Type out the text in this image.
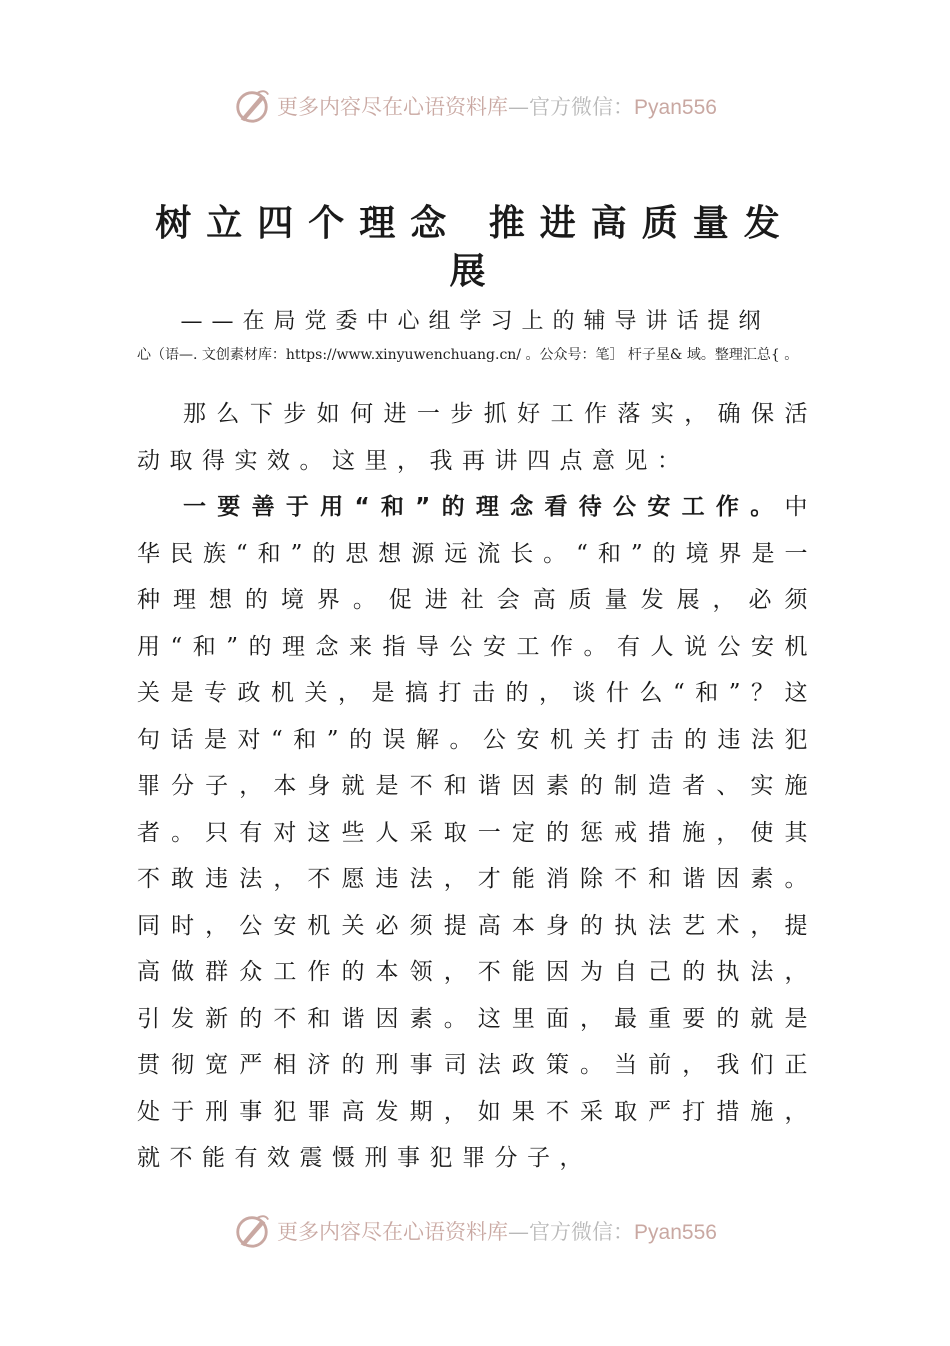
更多内容尽在心语资料库—官方微信：Pyan556
树立四个理念 推进高质量发展
——在局党委中心组学习上的辅导讲话提纲
心（语—. 文创素材库：https://www.xinyuwenchuang.cn/ 。公众号：笔］ 杆子星& 域。整理汇总{ 。

那么下步如何进一步抓好工作落实，确保活动取得实效。这里，我再讲四点意见：

一要善于用“和”的理念看待公安工作。中华民族“和”的思想源远流长。“和”的境界是一种理想的境界。促进社会高质量发展，必须用“和”的理念来指导公安工作。有人说公安机关是专政机关，是搞打击的，谈什么“和”？这句话是对“和”的误解。公安机关打击的违法犯罪分子，本身就是不和谐因素的制造者、实施者。只有对这些人采取一定的惩戒措施，使其不敢违法，不愿违法，才能消除不和谐因素。同时，公安机关必须提高本身的执法艺术，提高做群众工作的本领，不能因为自己的执法，引发新的不和谐因素。这里面，最重要的就是贯彻宽严相济的刑事司法政策。当前，我们正处于刑事犯罪高发期，如果不采取严打措施，就不能有效震慑刑事犯罪分子，

更多内容尽在心语资料库—官方微信：Pyan556
